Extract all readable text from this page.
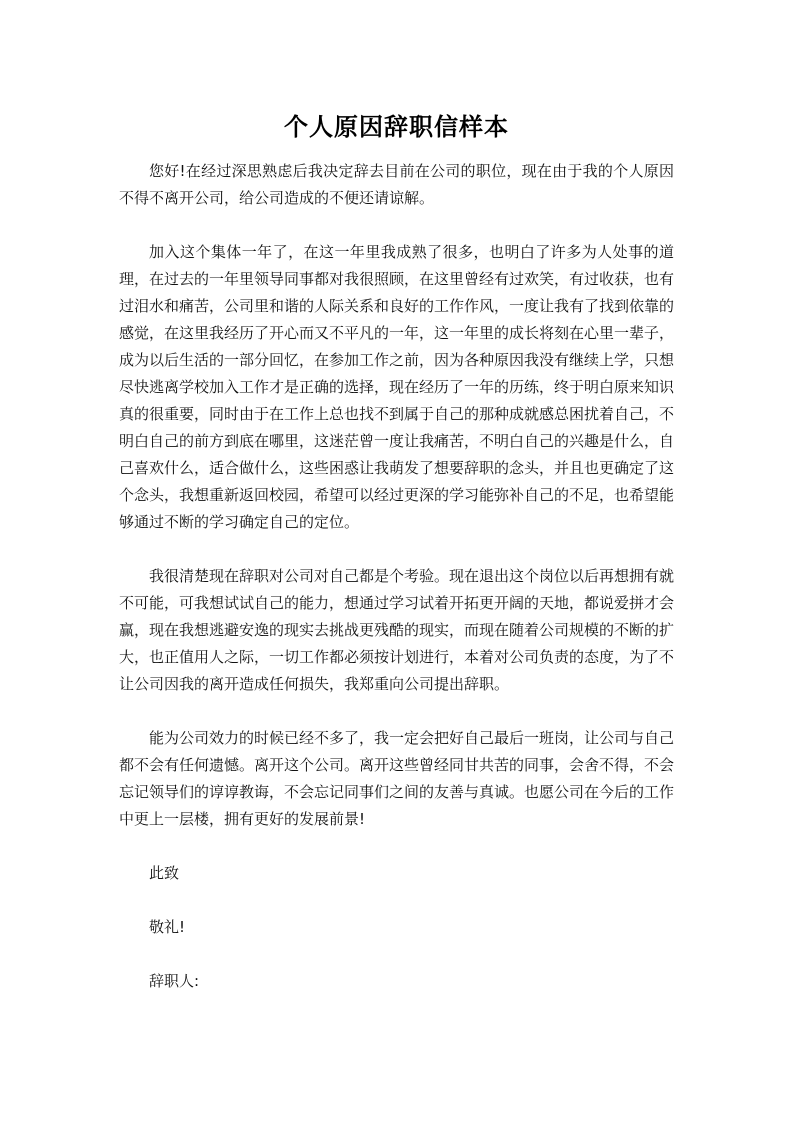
个人原因辞职信样本

您好!在经过深思熟虑后我决定辞去目前在公司的职位，现在由于我的个人原因不得不离开公司，给公司造成的不便还请谅解。

加入这个集体一年了，在这一年里我成熟了很多，也明白了许多为人处事的道理，在过去的一年里领导同事都对我很照顾，在这里曾经有过欢笑，有过收获，也有过泪水和痛苦，公司里和谐的人际关系和良好的工作作风，一度让我有了找到依靠的感觉，在这里我经历了开心而又不平凡的一年，这一年里的成长将刻在心里一辈子，成为以后生活的一部分回忆，在参加工作之前，因为各种原因我没有继续上学，只想尽快逃离学校加入工作才是正确的选择，现在经历了一年的历练，终于明白原来知识真的很重要，同时由于在工作上总也找不到属于自己的那种成就感总困扰着自己，不明白自己的前方到底在哪里，这迷茫曾一度让我痛苦，不明白自己的兴趣是什么，自己喜欢什么，适合做什么，这些困惑让我萌发了想要辞职的念头，并且也更确定了这个念头，我想重新返回校园，希望可以经过更深的学习能弥补自己的不足，也希望能够通过不断的学习确定自己的定位。

我很清楚现在辞职对公司对自己都是个考验。现在退出这个岗位以后再想拥有就不可能，可我想试试自己的能力，想通过学习试着开拓更开阔的天地，都说爱拼才会赢，现在我想逃避安逸的现实去挑战更残酷的现实，而现在随着公司规模的不断的扩大，也正值用人之际，一切工作都必须按计划进行，本着对公司负责的态度，为了不让公司因我的离开造成任何损失，我郑重向公司提出辞职。

能为公司效力的时候已经不多了，我一定会把好自己最后一班岗，让公司与自己都不会有任何遗憾。离开这个公司。离开这些曾经同甘共苦的同事，会舍不得，不会忘记领导们的谆谆教诲，不会忘记同事们之间的友善与真诚。也愿公司在今后的工作中更上一层楼，拥有更好的发展前景!

此致

敬礼!

辞职人:
